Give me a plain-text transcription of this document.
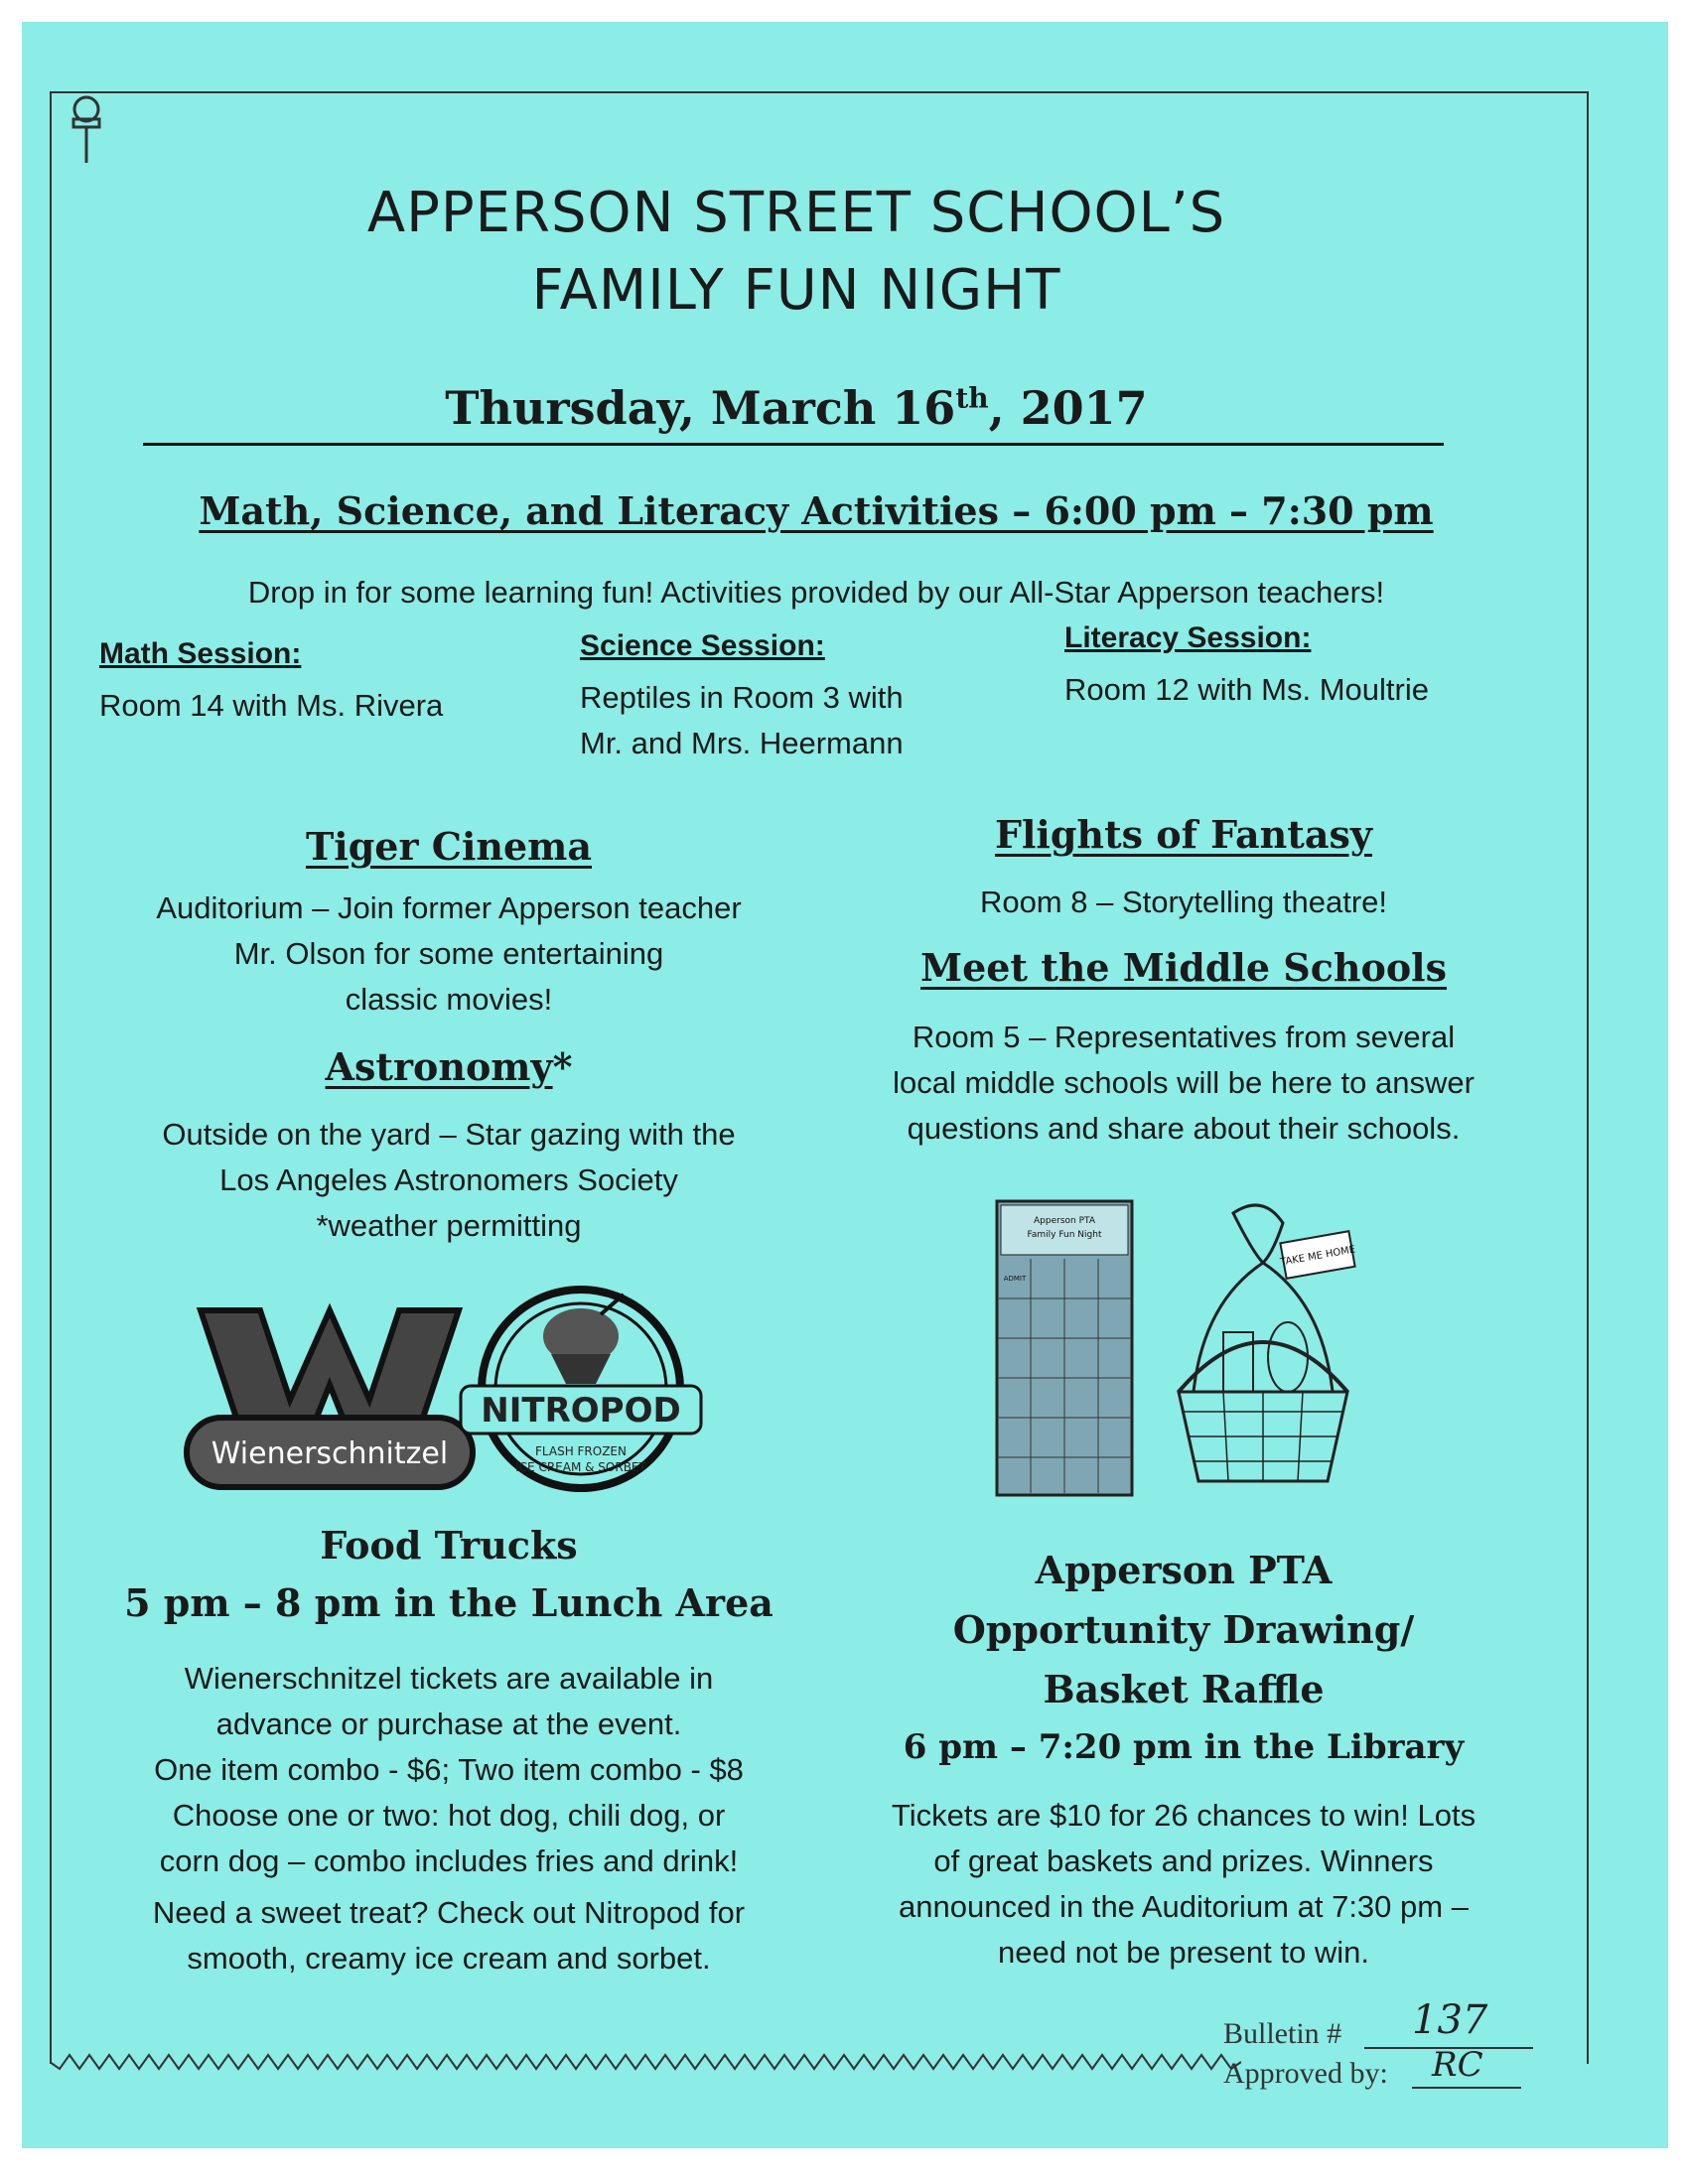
APPERSON STREET SCHOOL’S
FAMILY FUN NIGHT
Thursday, March 16th, 2017
Math, Science, and Literacy Activities – 6:00 pm – 7:30 pm
Drop in for some learning fun! Activities provided by our All-Star Apperson teachers!
Math Session:
Room 14 with Ms. Rivera
Science Session:
Reptiles in Room 3 with
Mr. and Mrs. Heermann
Literacy Session:
Room 12 with Ms. Moultrie
Tiger Cinema
Auditorium – Join former Apperson teacher
Mr. Olson for some entertaining
classic movies!
Astronomy*
Outside on the yard – Star gazing with the
Los Angeles Astronomers Society
*weather permitting
Flights of Fantasy
Room 8 – Storytelling theatre!
Meet the Middle Schools
Room 5 – Representatives from several
local middle schools will be here to answer
questions and share about their schools.
Wienerschnitzel
NITROPOD
FLASH FROZEN
ICE CREAM & SORBET
Apperson PTA
Family Fun Night
ADMIT
TAKE ME HOME
Food Trucks
5 pm – 8 pm in the Lunch Area
Wienerschnitzel tickets are available in
advance or purchase at the event.
One item combo - $6; Two item combo - $8
Choose one or two: hot dog, chili dog, or
corn dog – combo includes fries and drink!
Need a sweet treat? Check out Nitropod for
smooth, creamy ice cream and sorbet.
Apperson PTA
Opportunity Drawing/
Basket Raffle
6 pm – 7:20 pm in the Library
Tickets are $10 for 26 chances to win! Lots
of great baskets and prizes. Winners
announced in the Auditorium at 7:30 pm –
need not be present to win.
Bulletin # 137
Approved by: RC
